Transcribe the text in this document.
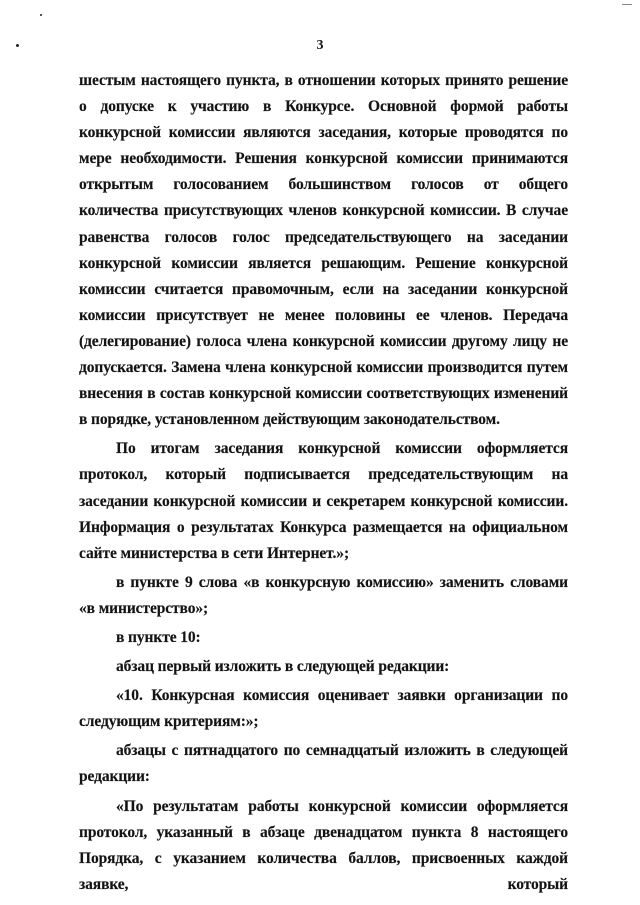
3

шестым настоящего пункта, в отношении которых принято решение о допуске к участию в Конкурсе. Основной формой работы конкурсной комиссии являются заседания, которые проводятся по мере необходимости. Решения конкурсной комиссии принимаются открытым голосованием большинством голосов от общего количества присутствующих членов конкурсной комиссии. В случае равенства голосов голос председательствующего на заседании конкурсной комиссии является решающим. Решение конкурсной комиссии считается правомочным, если на заседании конкурсной комиссии присутствует не менее половины ее членов. Передача (делегирование) голоса члена конкурсной комиссии другому лицу не допускается. Замена члена конкурсной комиссии производится путем внесения в состав конкурсной комиссии соответствующих изменений в порядке, установленном действующим законодательством.

По итогам заседания конкурсной комиссии оформляется протокол, который подписывается председательствующим на заседании конкурсной комиссии и секретарем конкурсной комиссии. Информация о результатах Конкурса размещается на официальном сайте министерства в сети Интернет.»;

в пункте 9 слова «в конкурсную комиссию» заменить словами «в министерство»;

в пункте 10:

абзац первый изложить в следующей редакции:

«10. Конкурсная комиссия оценивает заявки организации по следующим критериям:»;

абзацы с пятнадцатого по семнадцатый изложить в следующей редакции:

«По результатам работы конкурсной комиссии оформляется протокол, указанный в абзаце двенадцатом пункта 8 настоящего Порядка, с указанием количества баллов, присвоенных каждой заявке, который
